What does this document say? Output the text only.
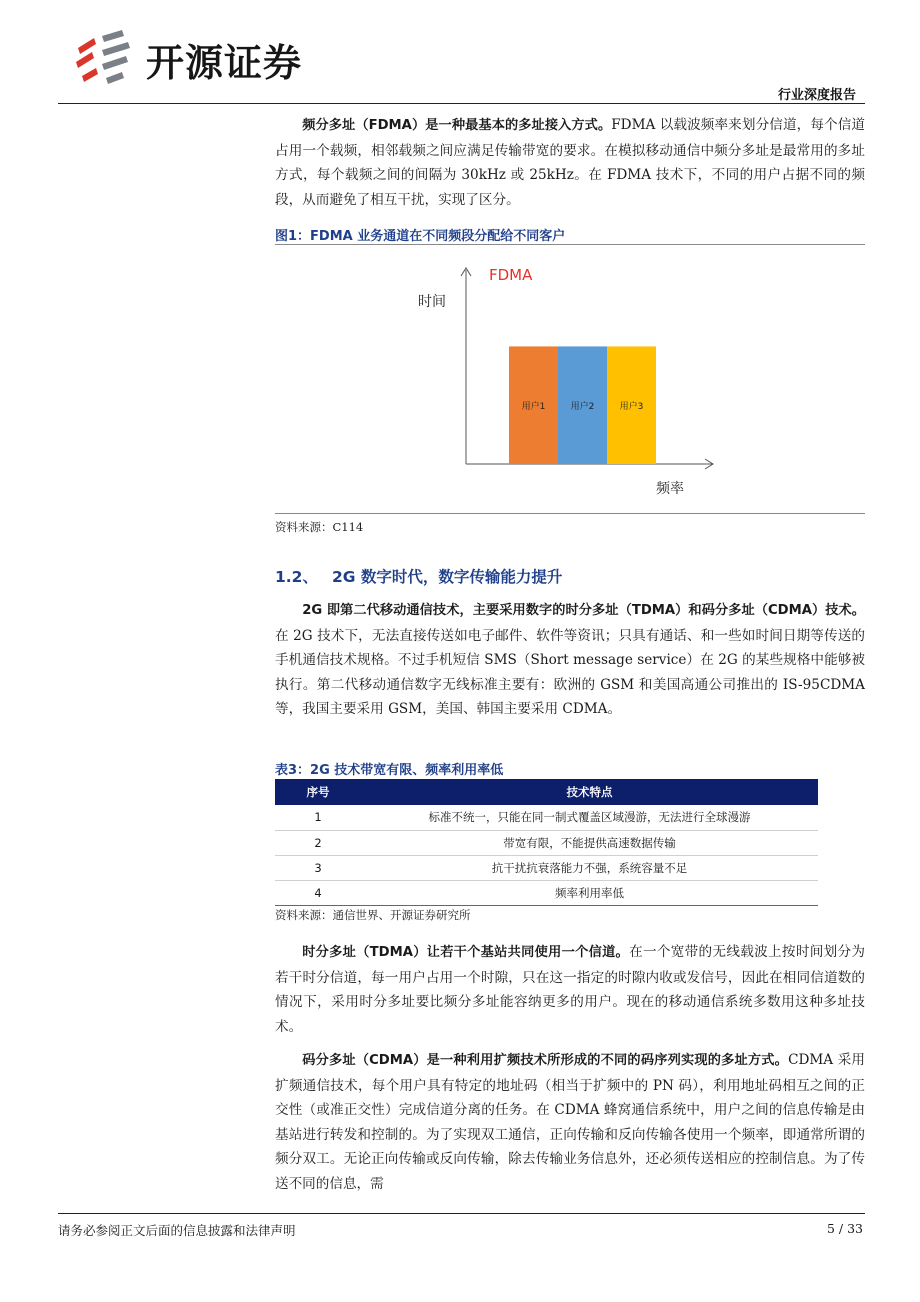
开源证券
行业深度报告

频分多址（FDMA）是一种最基本的多址接入方式。FDMA 以载波频率来划分信道，每个信道占用一个载频，相邻载频之间应满足传输带宽的要求。在模拟移动通信中频分多址是最常用的多址方式，每个载频之间的间隔为 30kHz 或 25kHz。在 FDMA 技术下，不同的用户占据不同的频段，从而避免了相互干扰，实现了区分。

图1：FDMA 业务通道在不同频段分配给不同客户
FDMA
时间
频率
用户1	用户2	用户3
资料来源：C114
1.2、 2G 数字时代，数字传输能力提升

2G 即第二代移动通信技术，主要采用数字的时分多址（TDMA）和码分多址（CDMA）技术。在 2G 技术下，无法直接传送如电子邮件、软件等资讯；只具有通话、和一些如时间日期等传送的手机通信技术规格。不过手机短信 SMS（Short message service）在 2G 的某些规格中能够被执行。第二代移动通信数字无线标准主要有：欧洲的 GSM 和美国高通公司推出的 IS-95CDMA 等，我国主要采用 GSM，美国、韩国主要采用 CDMA。

表3：2G 技术带宽有限、频率利用率低
序号	技术特点
1	标准不统一，只能在同一制式覆盖区域漫游，无法进行全球漫游
2	带宽有限，不能提供高速数据传输
3	抗干扰抗衰落能力不强，系统容量不足
4	频率利用率低
资料来源：通信世界、开源证券研究所

时分多址（TDMA）让若干个基站共同使用一个信道。在一个宽带的无线载波上按时间划分为若干时分信道，每一用户占用一个时隙，只在这一指定的时隙内收或发信号，因此在相同信道数的情况下，采用时分多址要比频分多址能容纳更多的用户。现在的移动通信系统多数用这种多址技术。

码分多址（CDMA）是一种利用扩频技术所形成的不同的码序列实现的多址方式。CDMA 采用扩频通信技术，每个用户具有特定的地址码（相当于扩频中的 PN 码），利用地址码相互之间的正交性（或准正交性）完成信道分离的任务。在 CDMA 蜂窝通信系统中，用户之间的信息传输是由基站进行转发和控制的。为了实现双工通信，正向传输和反向传输各使用一个频率，即通常所谓的频分双工。无论正向传输或反向传输，除去传输业务信息外，还必须传送相应的控制信息。为了传送不同的信息，需

请务必参阅正文后面的信息披露和法律声明	5 / 33
